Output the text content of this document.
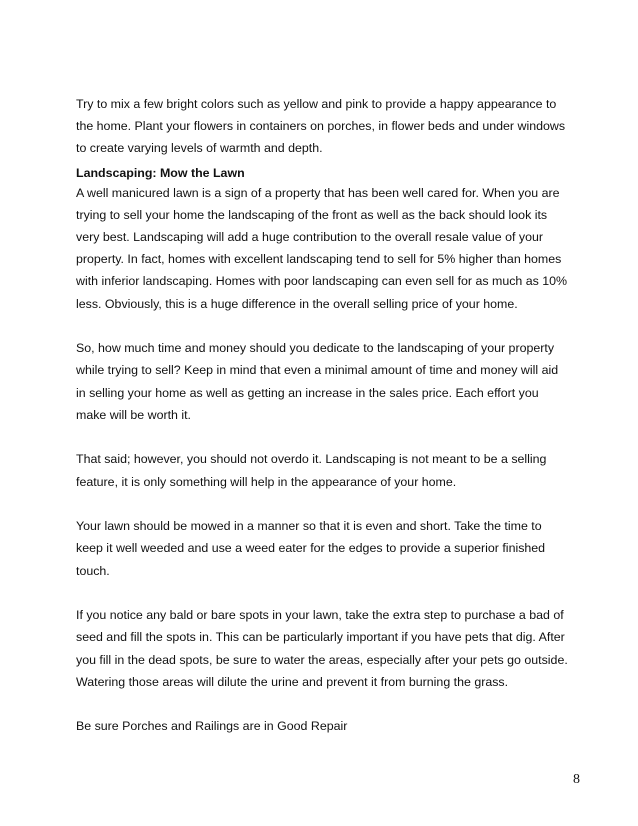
Try to mix a few bright colors such as yellow and pink to provide a happy appearance to the home. Plant your flowers in containers on porches, in flower beds and under windows to create varying levels of warmth and depth.

Landscaping: Mow the Lawn

A well manicured lawn is a sign of a property that has been well cared for. When you are trying to sell your home the landscaping of the front as well as the back should look its very best. Landscaping will add a huge contribution to the overall resale value of your property. In fact, homes with excellent landscaping tend to sell for 5% higher than homes with inferior landscaping. Homes with poor landscaping can even sell for as much as 10% less. Obviously, this is a huge difference in the overall selling price of your home.

So, how much time and money should you dedicate to the landscaping of your property while trying to sell? Keep in mind that even a minimal amount of time and money will aid in selling your home as well as getting an increase in the sales price. Each effort you make will be worth it.

That said; however, you should not overdo it. Landscaping is not meant to be a selling feature, it is only something will help in the appearance of your home.

Your lawn should be mowed in a manner so that it is even and short. Take the time to keep it well weeded and use a weed eater for the edges to provide a superior finished touch.

If you notice any bald or bare spots in your lawn, take the extra step to purchase a bad of seed and fill the spots in. This can be particularly important if you have pets that dig. After you fill in the dead spots, be sure to water the areas, especially after your pets go outside. Watering those areas will dilute the urine and prevent it from burning the grass.

Be sure Porches and Railings are in Good Repair

8
